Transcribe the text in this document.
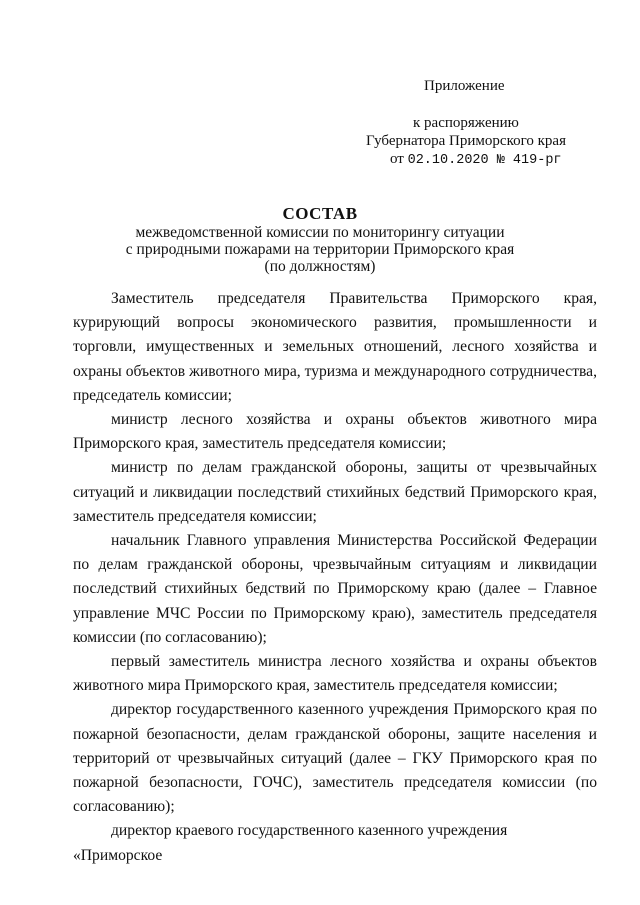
Приложение
к распоряжению
Губернатора Приморского края
от 02.10.2020 № 419-рг
СОСТАВ
межведомственной комиссии по мониторингу ситуации
с природными пожарами на территории Приморского края
(по должностям)

Заместитель председателя Правительства Приморского края, курирующий вопросы экономического развития, промышленности и торговли, имущественных и земельных отношений, лесного хозяйства и охраны объектов животного мира, туризма и международного сотрудничества, председатель комиссии;

министр лесного хозяйства и охраны объектов животного мира Приморского края, заместитель председателя комиссии;

министр по делам гражданской обороны, защиты от чрезвычайных ситуаций и ликвидации последствий стихийных бедствий Приморского края, заместитель председателя комиссии;

начальник Главного управления Министерства Российской Федерации по делам гражданской обороны, чрезвычайным ситуациям и ликвидации последствий стихийных бедствий по Приморскому краю (далее – Главное управление МЧС России по Приморскому краю), заместитель председателя комиссии (по согласованию);

первый заместитель министра лесного хозяйства и охраны объектов животного мира Приморского края, заместитель председателя комиссии;

директор государственного казенного учреждения Приморского края по пожарной безопасности, делам гражданской обороны, защите населения и территорий от чрезвычайных ситуаций (далее – ГКУ Приморского края по пожарной безопасности, ГОЧС), заместитель председателя комиссии (по согласованию);

директор краевого государственного казенного учреждения «Приморское
